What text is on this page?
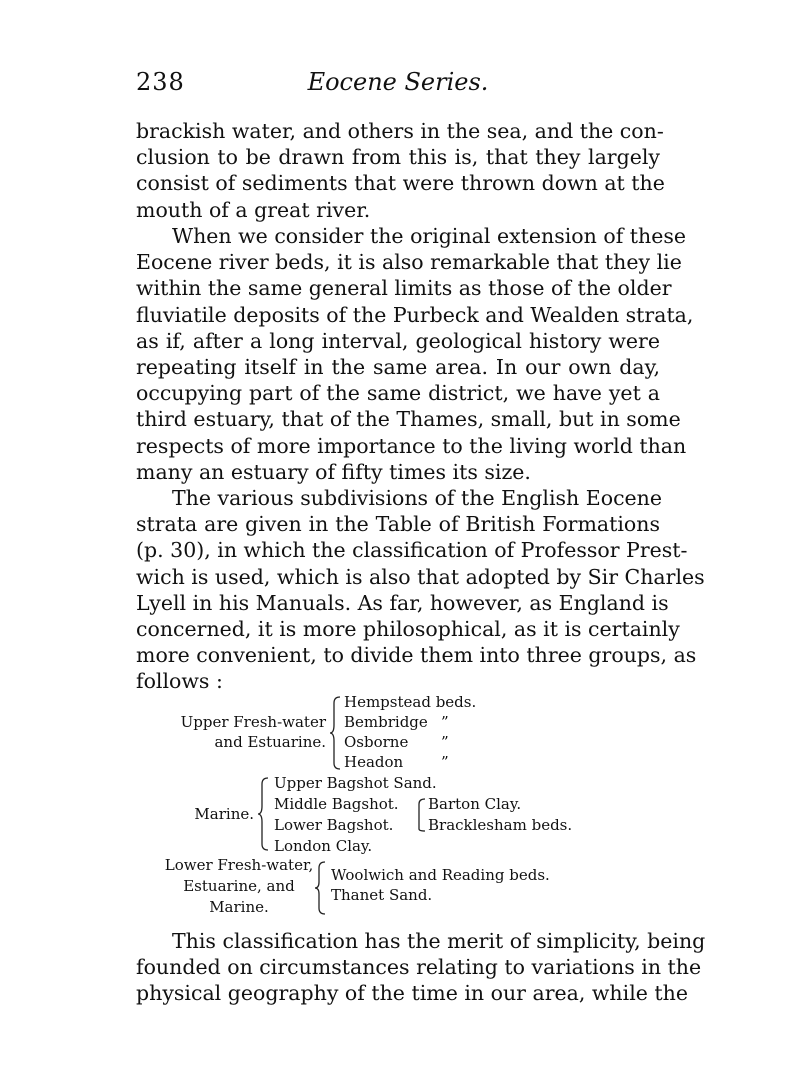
238	Eocene Series.

brackish water, and others in the sea, and the con-
clusion to be drawn from this is, that they largely
consist of sediments that were thrown down at the
mouth of a great river.

When we consider the original extension of these
Eocene river beds, it is also remarkable that they lie
within the same general limits as those of the older
fluviatile deposits of the Purbeck and Wealden strata,
as if, after a long interval, geological history were
repeating itself in the same area. In our own day,
occupying part of the same district, we have yet a
third estuary, that of the Thames, small, but in some
respects of more importance to the living world than
many an estuary of fifty times its size.

The various subdivisions of the English Eocene
strata are given in the Table of British Formations
(p. 30), in which the classification of Professor Prest-
wich is used, which is also that adopted by Sir Charles
Lyell in his Manuals. As far, however, as England is
concerned, it is more philosophical, as it is certainly
more convenient, to divide them into three groups, as
follows :

Upper Fresh-water
and Estuarine.
Hempstead beds.
Bembridge ”
Osborne ”
Headon	”
Marine.
Upper Bagshot Sand.
Middle Bagshot.
Lower Bagshot.
London Clay.
Barton Clay.
Bracklesham beds.
Lower Fresh-water,
Estuarine, and
Marine.
Woolwich and Reading beds.
Thanet Sand.

This classification has the merit of simplicity, being
founded on circumstances relating to variations in the
physical geography of the time in our area, while the
